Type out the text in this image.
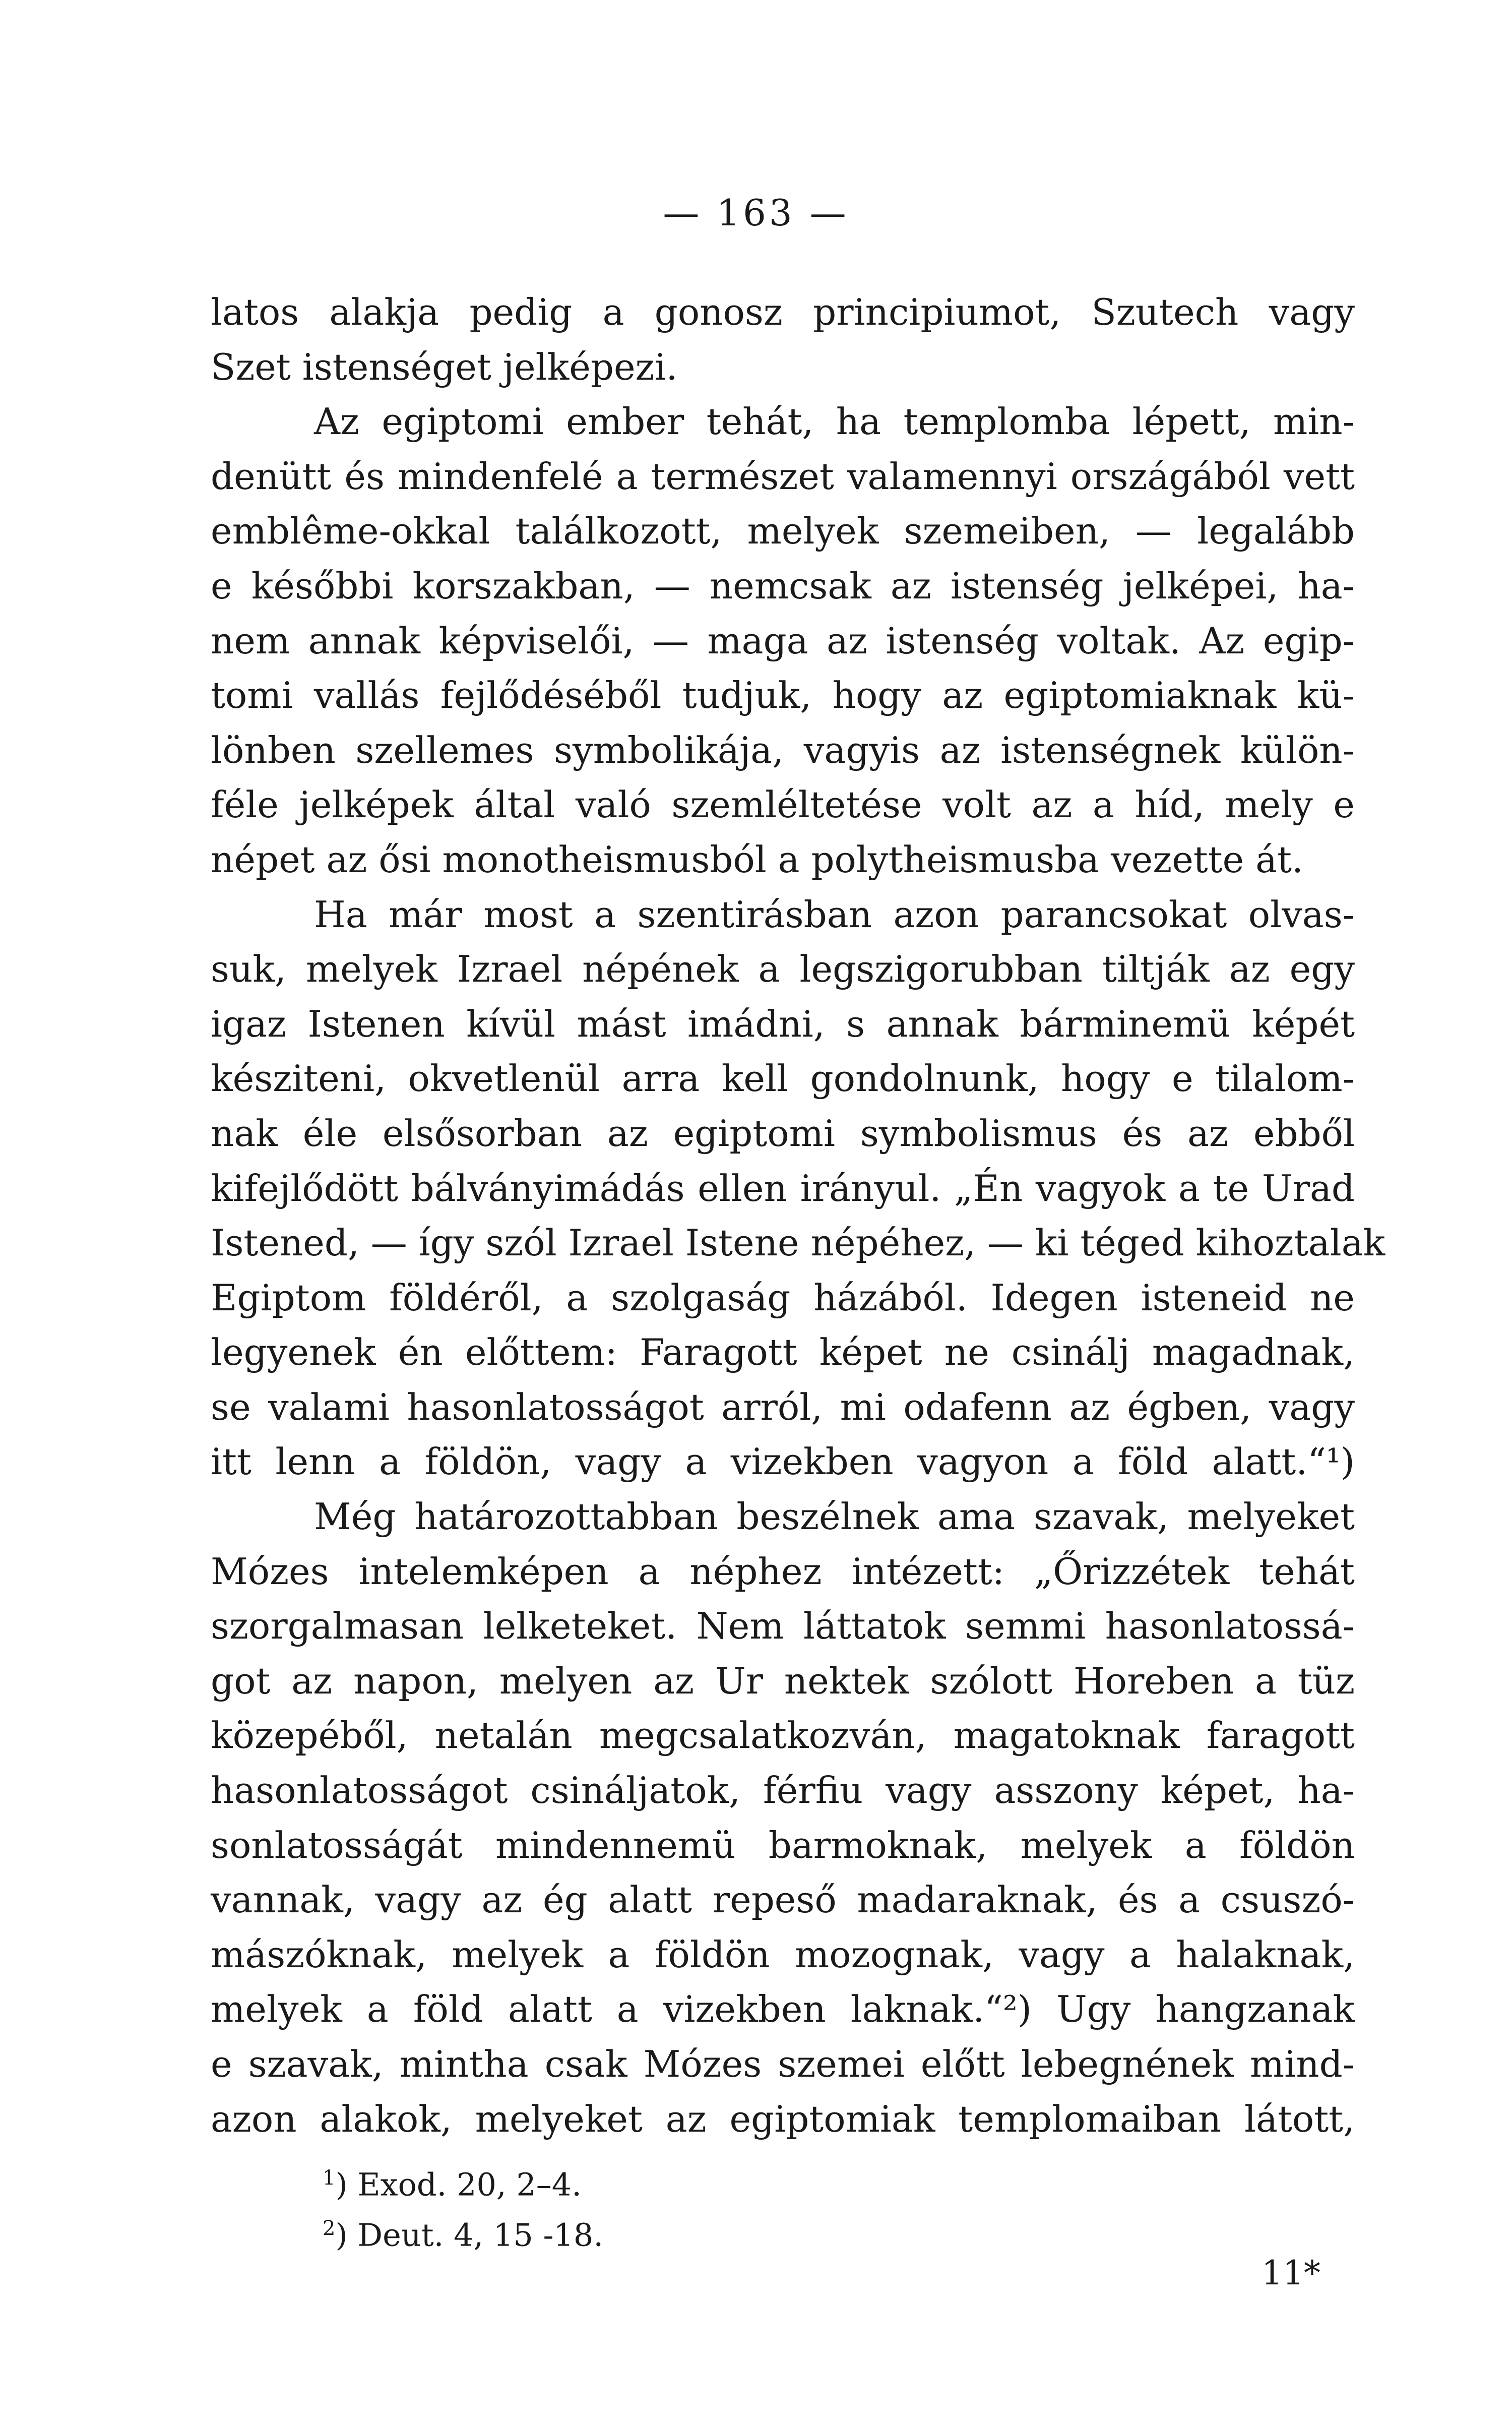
— 163 —
latos alakja pedig a gonosz principiumot, Szutech vagy
Szet istenséget jelképezi.
Az egiptomi ember tehát, ha templomba lépett, min-
denütt és mindenfelé a természet valamennyi országából vett
emblême-okkal találkozott, melyek szemeiben, — legalább
e későbbi korszakban, — nemcsak az istenség jelképei, ha-
nem annak képviselői, — maga az istenség voltak. Az egip-
tomi vallás fejlődéséből tudjuk, hogy az egiptomiaknak kü-
lönben szellemes symbolikája, vagyis az istenségnek külön-
féle jelképek által való szemléltetése volt az a híd, mely e
népet az ősi monotheismusból a polytheismusba vezette át.
Ha már most a szentirásban azon parancsokat olvas-
suk, melyek Izrael népének a legszigorubban tiltják az egy
igaz Istenen kívül mást imádni, s annak bárminemü képét
késziteni, okvetlenül arra kell gondolnunk, hogy e tilalom-
nak éle elsősorban az egiptomi symbolismus és az ebből
kifejlődött bálványimádás ellen irányul. „Én vagyok a te Urad
Istened, — így szól Izrael Istene népéhez, — ki téged kihoztalak
Egiptom földéről, a szolgaság házából. Idegen isteneid ne
legyenek én előttem: Faragott képet ne csinálj magadnak,
se valami hasonlatosságot arról, mi odafenn az égben, vagy
itt lenn a földön, vagy a vizekben vagyon a föld alatt.“¹)
Még határozottabban beszélnek ama szavak, melyeket
Mózes intelemképen a néphez intézett: „Őrizzétek tehát
szorgalmasan lelketeket. Nem láttatok semmi hasonlatossá-
got az napon, melyen az Ur nektek szólott Horeben a tüz
közepéből, netalán megcsalatkozván, magatoknak faragott
hasonlatosságot csináljatok, férfiu vagy asszony képet, ha-
sonlatosságát mindennemü barmoknak, melyek a földön
vannak, vagy az ég alatt repeső madaraknak, és a csuszó-
mászóknak, melyek a földön mozognak, vagy a halaknak,
melyek a föld alatt a vizekben laknak.“²) Ugy hangzanak
e szavak, mintha csak Mózes szemei előtt lebegnének mind-
azon alakok, melyeket az egiptomiak templomaiban látott,
$^1$) Exod. 20, 2–4.
$^2$) Deut. 4, 15 -18.
11*
